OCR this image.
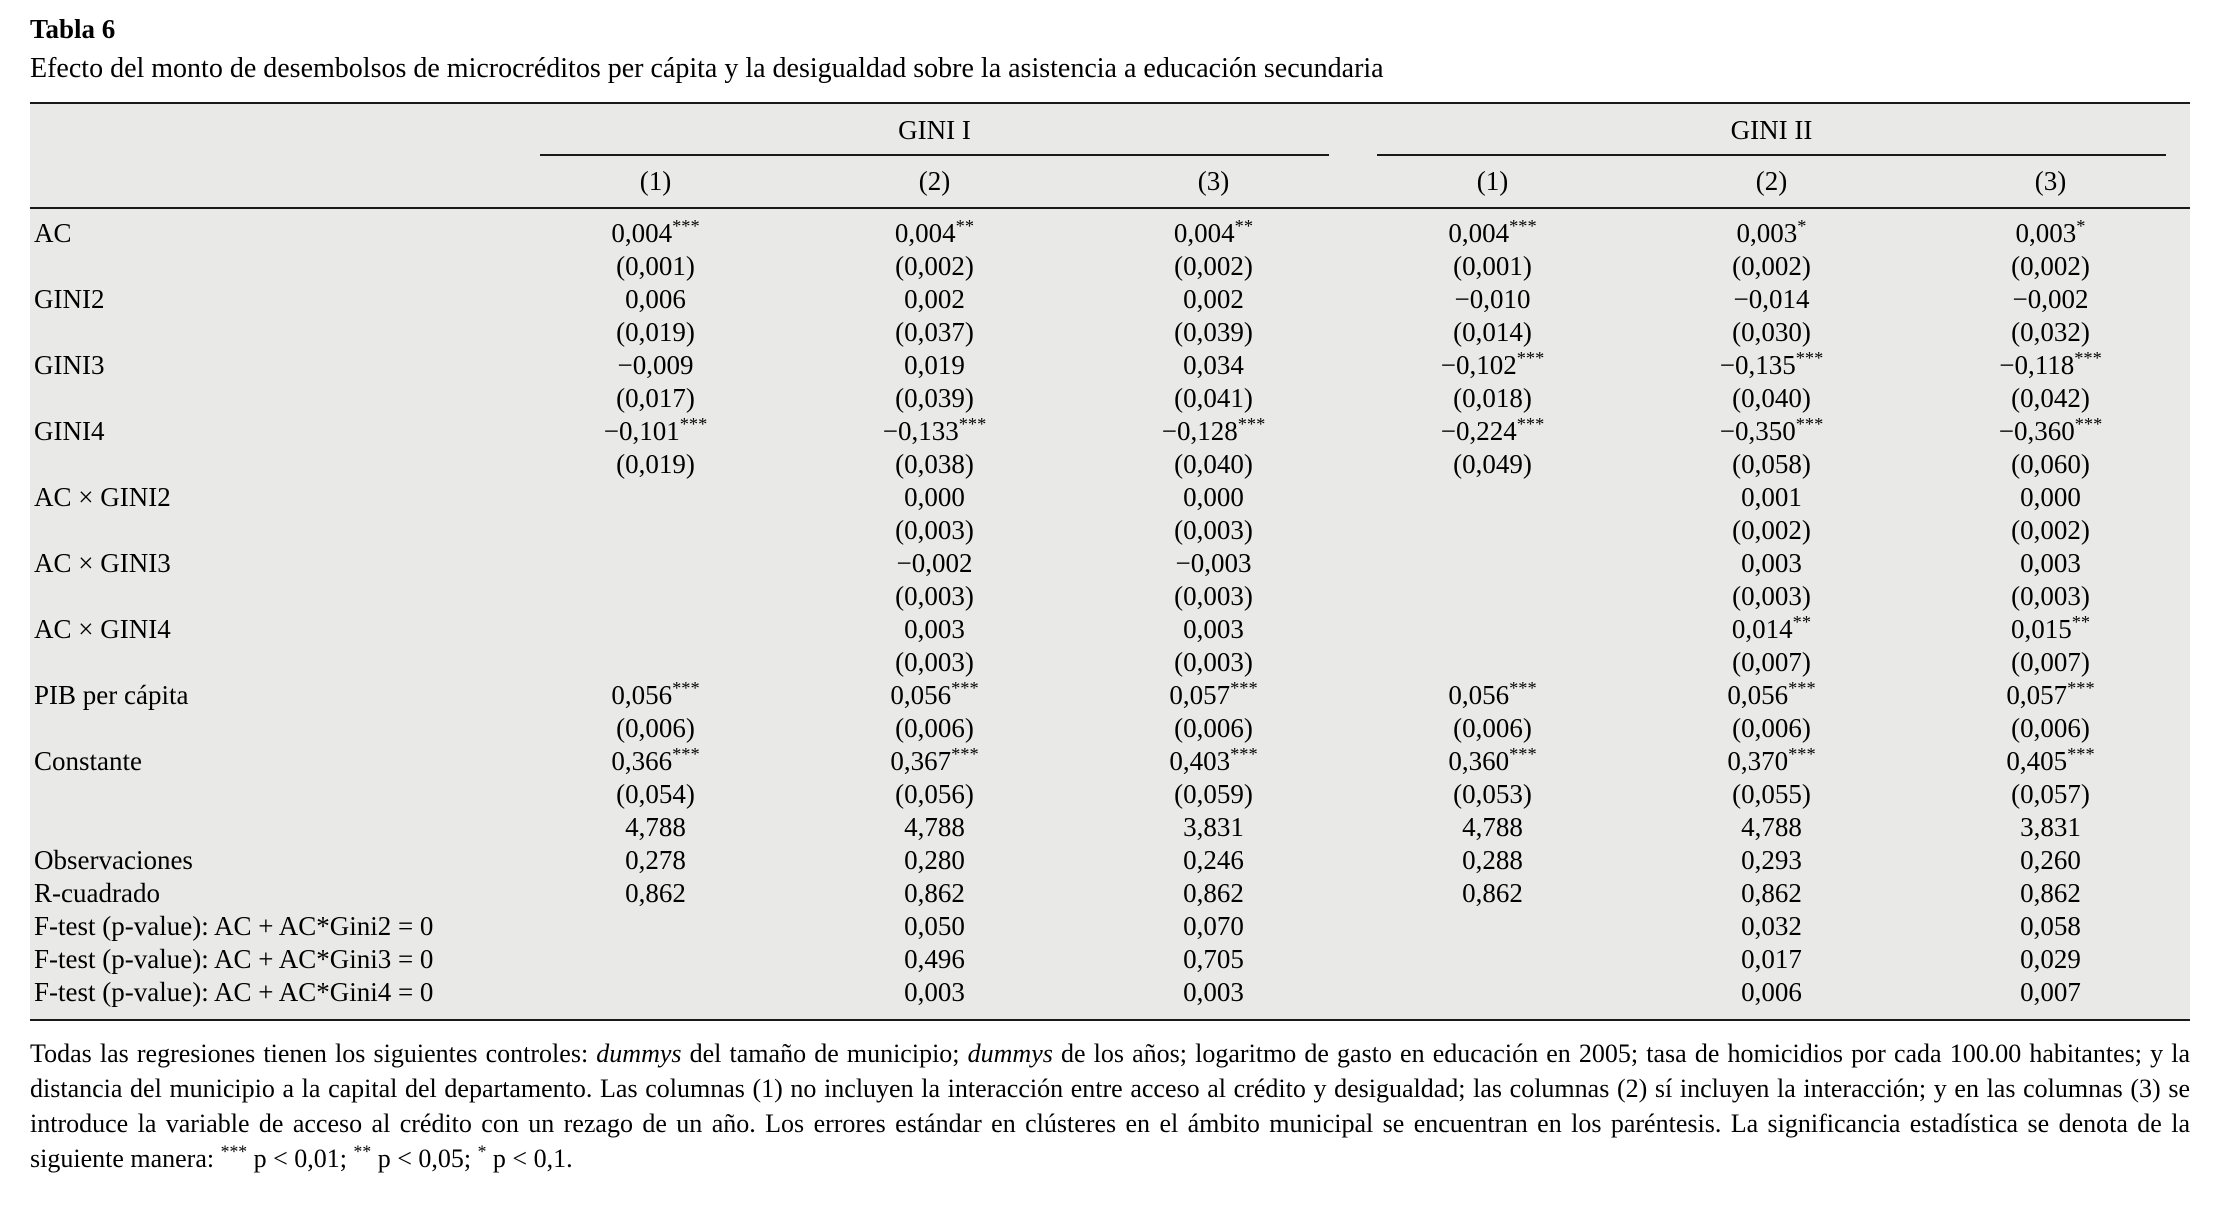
Tabla 6
Efecto del monto de desembolsos de microcréditos per cápita y la desigualdad sobre la asistencia a educación secundaria

	GINI I			GINI II		

	(1)	(2)	(3)	(1)	(2)	(3)
AC	0,004***	0,004**	0,004**	0,004***	0,003*	0,003*
	(0,001)	(0,002)	(0,002)	(0,001)	(0,002)	(0,002)
GINI2	0,006	0,002	0,002	−0,010	−0,014	−0,002
	(0,019)	(0,037)	(0,039)	(0,014)	(0,030)	(0,032)
GINI3	−0,009	0,019	0,034	−0,102***	−0,135***	−0,118***
	(0,017)	(0,039)	(0,041)	(0,018)	(0,040)	(0,042)
GINI4	−0,101***	−0,133***	−0,128***	−0,224***	−0,350***	−0,360***
	(0,019)	(0,038)	(0,040)	(0,049)	(0,058)	(0,060)
AC × GINI2		0,000	0,000		0,001	0,000
		(0,003)	(0,003)		(0,002)	(0,002)
AC × GINI3		−0,002	−0,003		0,003	0,003
		(0,003)	(0,003)		(0,003)	(0,003)
AC × GINI4		0,003	0,003		0,014**	0,015**
		(0,003)	(0,003)		(0,007)	(0,007)
PIB per cápita	0,056***	0,056***	0,057***	0,056***	0,056***	0,057***
	(0,006)	(0,006)	(0,006)	(0,006)	(0,006)	(0,006)
Constante	0,366***	0,367***	0,403***	0,360***	0,370***	0,405***
	(0,054)	(0,056)	(0,059)	(0,053)	(0,055)	(0,057)
	4,788	4,788	3,831	4,788	4,788	3,831
Observaciones	0,278	0,280	0,246	0,288	0,293	0,260
R-cuadrado	0,862	0,862	0,862	0,862	0,862	0,862
F-test (p-value): AC + AC*Gini2 = 0		0,050	0,070		0,032	0,058
F-test (p-value): AC + AC*Gini3 = 0		0,496	0,705		0,017	0,029
F-test (p-value): AC + AC*Gini4 = 0		0,003	0,003		0,006	0,007
Todas las regresiones tienen los siguientes controles: dummys del tamaño de municipio; dummys de los años; logaritmo de gasto en educación en 2005; tasa de homicidios por cada 100.00 habitantes; y la distancia del municipio a la capital del departamento. Las columnas (1) no incluyen la interacción entre acceso al crédito y desigualdad; las columnas (2) sí incluyen la interacción; y en las columnas (3) se introduce la variable de acceso al crédito con un rezago de un año. Los errores estándar en clústeres en el ámbito municipal se encuentran en los paréntesis. La significancia estadística se denota de la siguiente manera: *** p < 0,01; ** p < 0,05; * p < 0,1.
